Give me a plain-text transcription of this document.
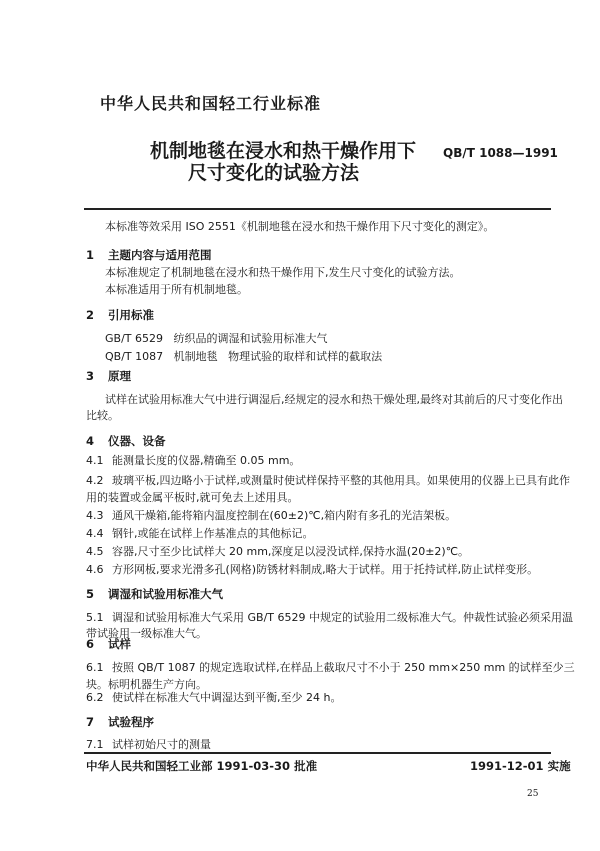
中华人民共和国轻工行业标准
机制地毯在浸水和热干燥作用下
尺寸变化的试验方法
QB/T 1088—1991
本标准等效采用 ISO 2551《机制地毯在浸水和热干燥作用下尺寸变化的测定》。
1 主题内容与适用范围
本标准规定了机制地毯在浸水和热干燥作用下,发生尺寸变化的试验方法。
本标准适用于所有机制地毯。
2 引用标准
GB/T 6529   纺织品的调湿和试验用标准大气
QB/T 1087   机制地毯   物理试验的取样和试样的截取法
3 原理
试样在试验用标准大气中进行调湿后,经规定的浸水和热干燥处理,最终对其前后的尺寸变化作出
比较。
4 仪器、设备
4.1 能测量长度的仪器,精确至 0.05 mm。
4.2 玻璃平板,四边略小于试样,或测量时使试样保持平整的其他用具。如果使用的仪器上已具有此作
用的装置或金属平板时,就可免去上述用具。
4.3 通风干燥箱,能将箱内温度控制在(60±2)℃,箱内附有多孔的光洁架板。
4.4 钢针,或能在试样上作基准点的其他标记。
4.5 容器,尺寸至少比试样大 20 mm,深度足以浸没试样,保持水温(20±2)℃。
4.6 方形网板,要求光滑多孔(网格)防锈材料制成,略大于试样。用于托持试样,防止试样变形。
5 调湿和试验用标准大气
5.1 调湿和试验用标准大气采用 GB/T 6529 中规定的试验用二级标准大气。仲裁性试验必须采用温
带试验用一级标准大气。
6 试样
6.1 按照 QB/T 1087 的规定选取试样,在样品上截取尺寸不小于 250 mm×250 mm 的试样至少三
块。标明机器生产方向。
6.2 使试样在标准大气中调湿达到平衡,至少 24 h。
7 试验程序
7.1 试样初始尺寸的测量
中华人民共和国轻工业部 1991-03-30 批准	1991-12-01 实施
25
